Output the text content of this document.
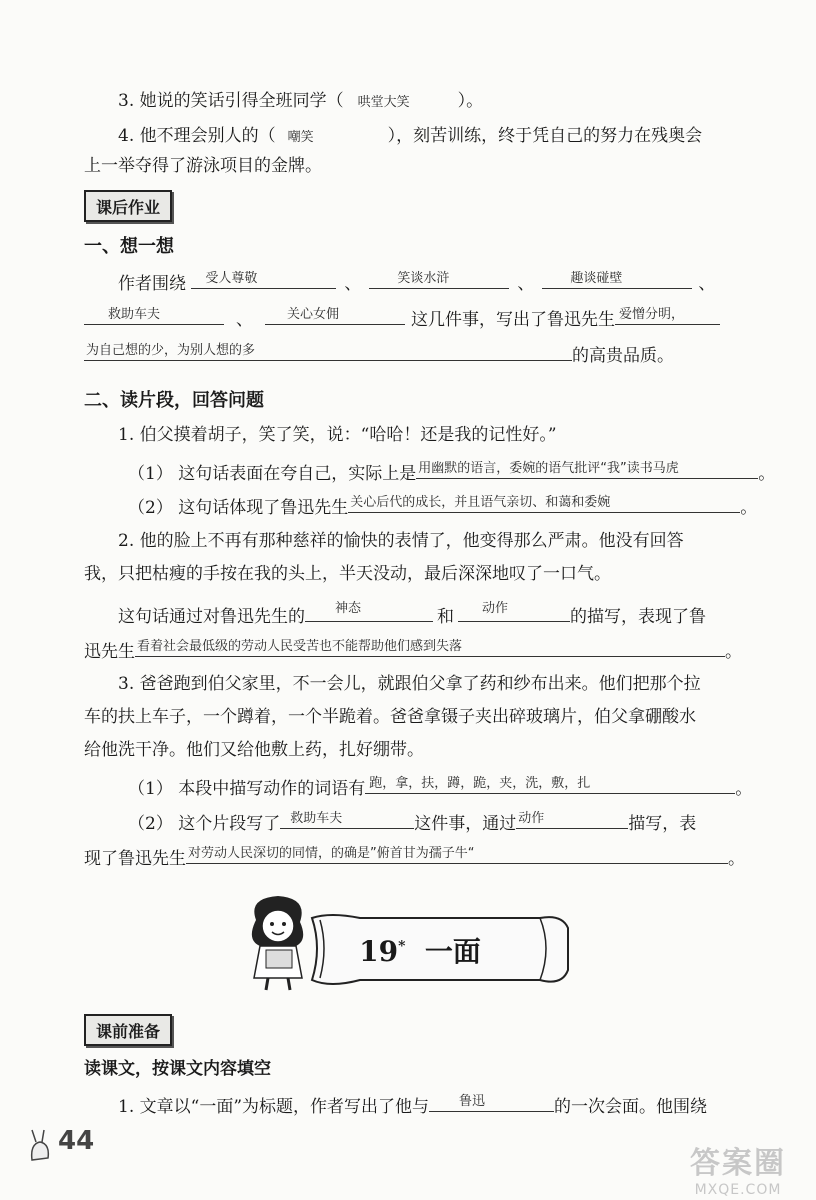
3. 她说的笑话引得全班同学（ 哄堂大笑	）。
4. 他不理会别人的（ 嘲笑	），刻苦训练，终于凭自己的努力在残奥会
上一举夺得了游泳项目的金牌。
课后作业
一、想一想
作者围绕 受人尊敬	、	笑谈水浒	、	趣谈碰壁	、
救助车夫	、	关心女佣	这几件事，写出了鲁迅先生 爱憎分明，
为自己想的少，为别人想的多	的高贵品质。
二、读片段，回答问题
1. 伯父摸着胡子，笑了笑，说：“哈哈！还是我的记性好。”
（1） 这句话表面在夸自己，实际上是 用幽默的语言，委婉的语气批评“我”读书马虎	。
（2） 这句话体现了鲁迅先生 关心后代的成长，并且语气亲切、和蔼和委婉	。
2. 他的脸上不再有那种慈祥的愉快的表情了，他变得那么严肃。他没有回答
我，只把枯瘦的手按在我的头上，半天没动，最后深深地叹了一口气。
这句话通过对鲁迅先生的 神态	和 动作	的描写，表现了鲁
迅先生 看着社会最低级的劳动人民受苦也不能帮助他们感到失落	。
3. 爸爸跑到伯父家里，不一会儿，就跟伯父拿了药和纱布出来。他们把那个拉
车的扶上车子，一个蹲着，一个半跪着。爸爸拿镊子夹出碎玻璃片，伯父拿硼酸水
给他洗干净。他们又给他敷上药，扎好绷带。
（1） 本段中描写动作的词语有 跑，拿，扶，蹲，跪，夹，洗，敷，扎	。
（2） 这个片段写了 救助车夫	这件事，通过 动作	描写，表
现了鲁迅先生 对劳动人民深切的同情，的确是”俯首甘为孺子牛“	。
19* 一面
课前准备
读课文，按课文内容填空
1. 文章以“一面”为标题，作者写出了他与 鲁迅	的一次会面。他围绕
44
答案圈
MXQE.COM
